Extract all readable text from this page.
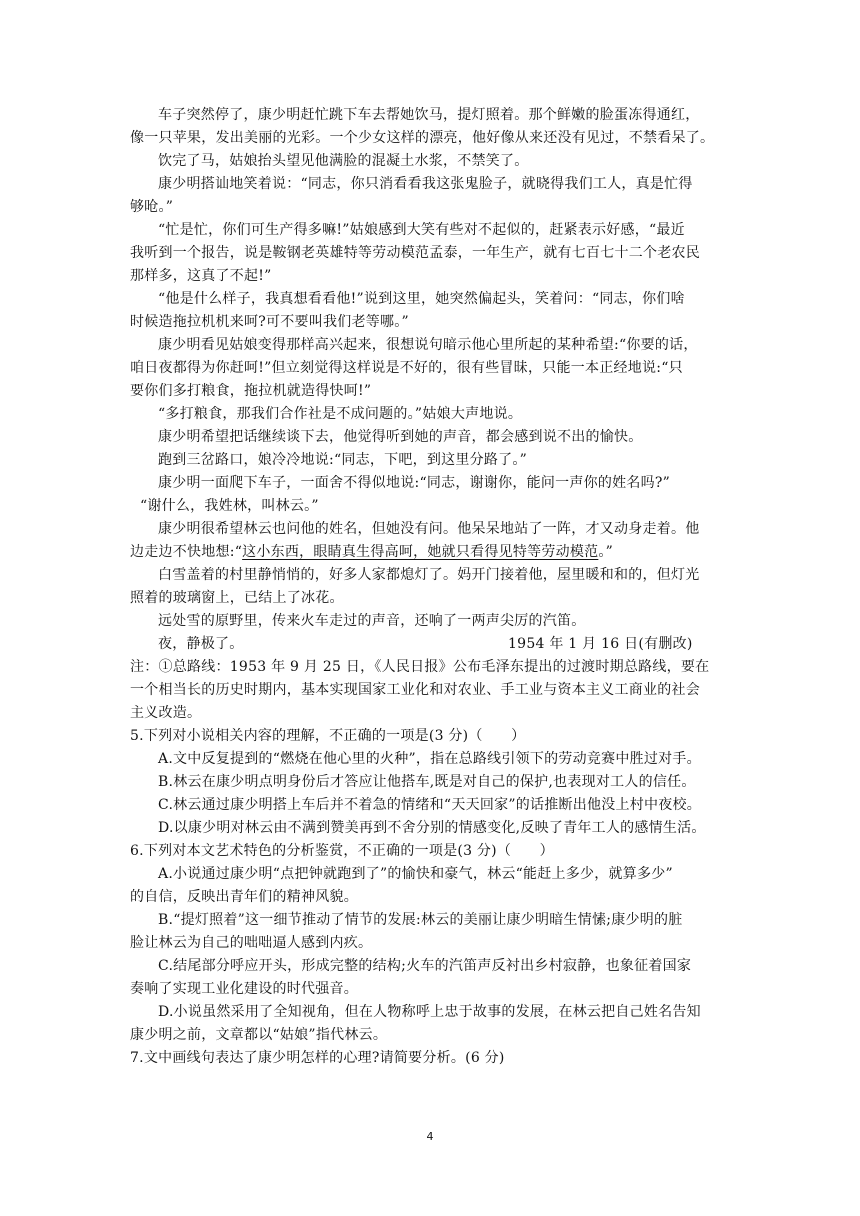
车子突然停了，康少明赶忙跳下车去帮她饮马，提灯照着。那个鲜嫩的脸蛋冻得通红，
像一只苹果，发出美丽的光彩。一个少女这样的漂亮，他好像从来还没有见过，不禁看呆了。
饮完了马，姑娘抬头望见他满脸的混凝土水浆，不禁笑了。
康少明搭讪地笑着说：“同志，你只消看看我这张鬼脸子，就晓得我们工人，真是忙得
够呛。”
“忙是忙，你们可生产得多嘛!”姑娘感到大笑有些对不起似的，赶紧表示好感，“最近
我听到一个报告，说是鞍钢老英雄特等劳动模范孟泰，一年生产，就有七百七十二个老农民
那样多，这真了不起!”
“他是什么样子，我真想看看他!”说到这里，她突然偏起头，笑着问：“同志，你们啥
时候造拖拉机机来呵?可不要叫我们老等哪。”
康少明看见姑娘变得那样高兴起来，很想说句暗示他心里所起的某种希望:“你要的话，
咱日夜都得为你赶呵!”但立刻觉得这样说是不好的，很有些冒昧，只能一本正经地说:“只
要你们多打粮食，拖拉机就造得快呵!”
“多打粮食，那我们合作社是不成问题的。”姑娘大声地说。
康少明希望把话继续谈下去，他觉得听到她的声音，都会感到说不出的愉快。
跑到三岔路口，娘冷冷地说:“同志，下吧，到这里分路了。”
康少明一面爬下车子，一面舍不得似地说:“同志，谢谢你，能问一声你的姓名吗?”
“谢什么，我姓林，叫林云。”
康少明很希望林云也问他的姓名，但她没有问。他呆呆地站了一阵，才又动身走着。他
边走边不快地想:“这小东西，眼睛真生得高呵，她就只看得见特等劳动模范。”
白雪盖着的村里静悄悄的，好多人家都熄灯了。妈开门接着他，屋里暖和和的，但灯光
照着的玻璃窗上，已结上了冰花。
远处雪的原野里，传来火车走过的声音，还响了一两声尖厉的汽笛。
夜，静极了。	1954 年 1 月 16 日(有删改)
注：①总路线：1953 年 9 月 25 日，《人民日报》公布毛泽东提出的过渡时期总路线，要在
一个相当长的历史时期内，基本实现国家工业化和对农业、手工业与资本主义工商业的社会
主义改造。
5.下列对小说相关内容的理解，不正确的一项是(3 分)（　　）
A.文中反复提到的“燃烧在他心里的火种”，指在总路线引领下的劳动竞赛中胜过对手。
B.林云在康少明点明身份后才答应让他搭车,既是对自己的保护,也表现对工人的信任。
C.林云通过康少明搭上车后并不着急的情绪和“天天回家”的话推断出他没上村中夜校。
D.以康少明对林云由不满到赞美再到不舍分别的情感变化,反映了青年工人的感情生活。
6.下列对本文艺术特色的分析鉴赏，不正确的一项是(3 分)（　　）
A.小说通过康少明“点把钟就跑到了”的愉快和豪气，林云“能赶上多少，就算多少”
的自信，反映出青年们的精神风貌。
B.“提灯照着”这一细节推动了情节的发展:林云的美丽让康少明暗生情愫;康少明的脏
脸让林云为自己的咄咄逼人感到内疚。
C.结尾部分呼应开头，形成完整的结构;火车的汽笛声反衬出乡村寂静，也象征着国家
奏响了实现工业化建设的时代强音。
D.小说虽然采用了全知视角，但在人物称呼上忠于故事的发展，在林云把自己姓名告知
康少明之前，文章都以“姑娘”指代林云。
7.文中画线句表达了康少明怎样的心理?请简要分析。(6 分)
4
